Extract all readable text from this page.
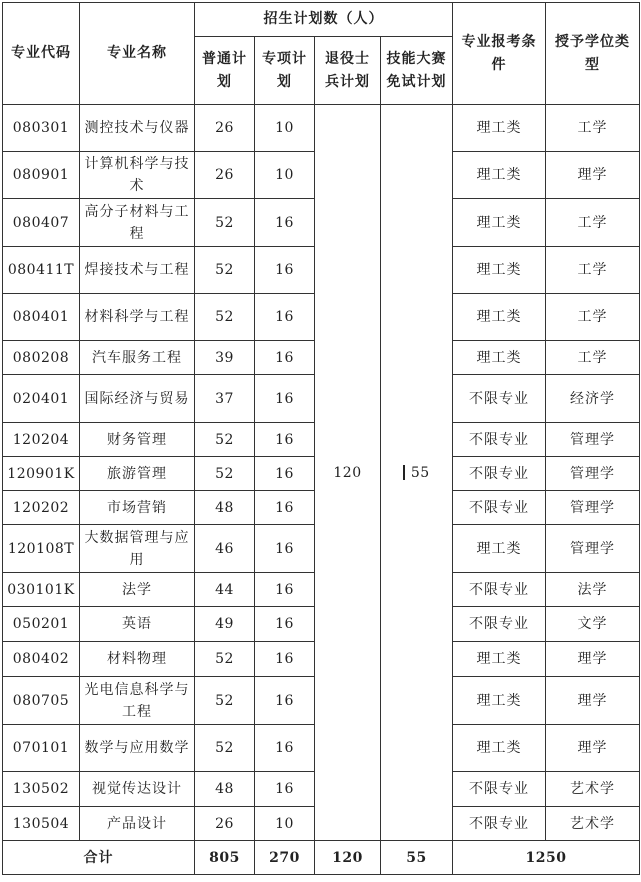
专业代码	专业名称	招生计划数（人）				专业报考条件	授予学位类型
		普通计划	专项计划	退役士兵计划	技能大赛免试计划		
080301	测控技术与仪器	26	10	120	55	理工类	工学
080901	计算机科学与技术	26	10			理工类	理学
080407	高分子材料与工程	52	16			理工类	工学
080411T	焊接技术与工程	52	16			理工类	工学
080401	材料科学与工程	52	16			理工类	工学
080208	汽车服务工程	39	16			理工类	工学
020401	国际经济与贸易	37	16			不限专业	经济学
120204	财务管理	52	16			不限专业	管理学
120901K	旅游管理	52	16			不限专业	管理学
120202	市场营销	48	16			不限专业	管理学
120108T	大数据管理与应用	46	16			理工类	管理学
030101K	法学	44	16			不限专业	法学
050201	英语	49	16			不限专业	文学
080402	材料物理	52	16			理工类	理学
080705	光电信息科学与工程	52	16			理工类	理学
070101	数学与应用数学	52	16			理工类	理学
130502	视觉传达设计	48	16			不限专业	艺术学
130504	产品设计	26	10			不限专业	艺术学
合计		805	270	120	55	1250	
